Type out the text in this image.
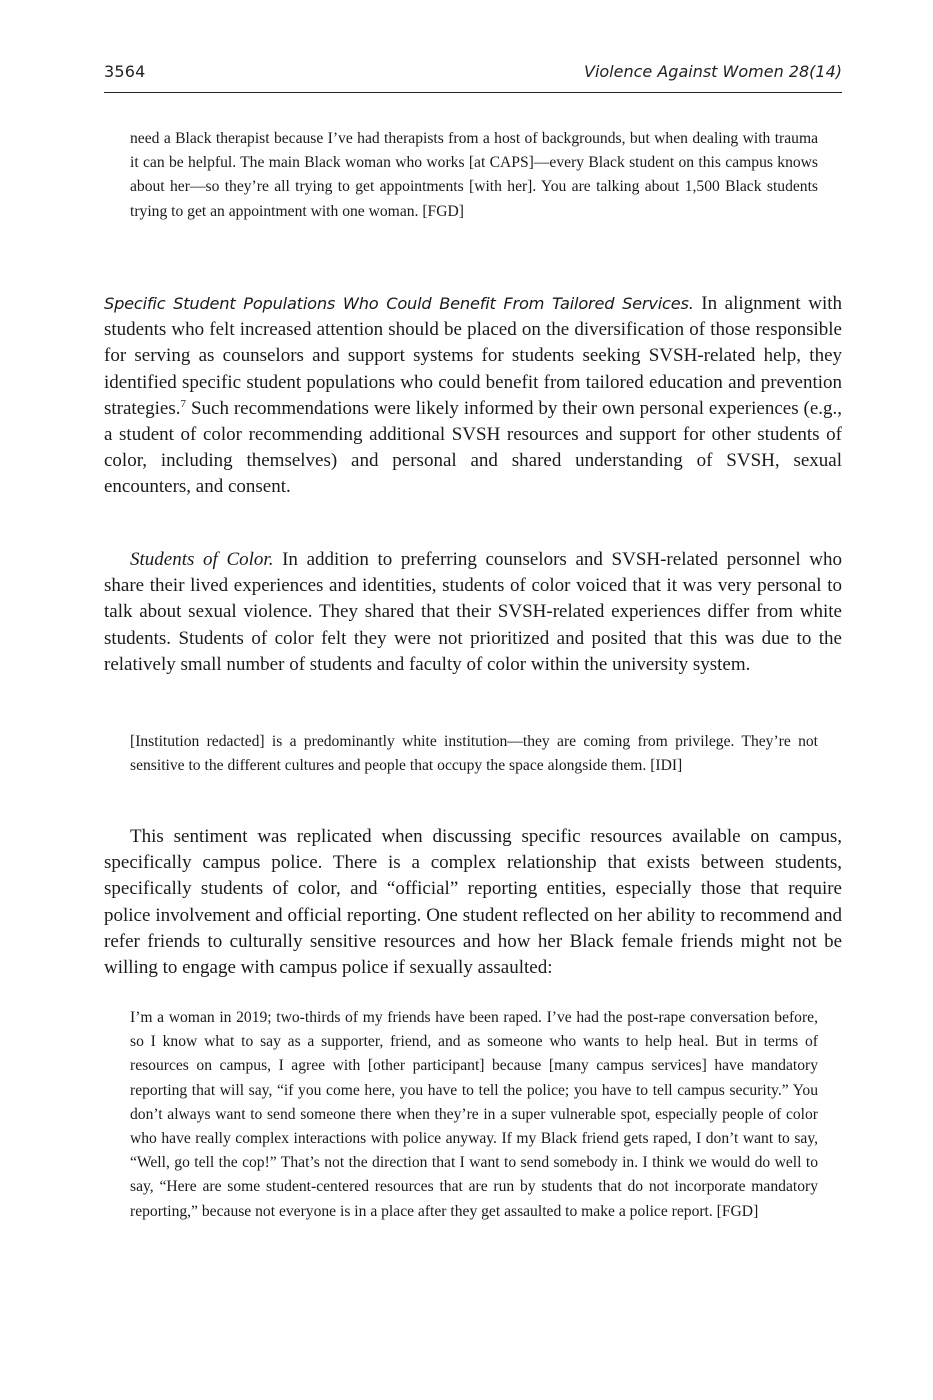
3564	Violence Against Women 28(14)
need a Black therapist because I’ve had therapists from a host of backgrounds, but when dealing with trauma it can be helpful. The main Black woman who works [at CAPS]—every Black student on this campus knows about her—so they’re all trying to get appointments [with her]. You are talking about 1,500 Black students trying to get an appointment with one woman. [FGD]
Specific Student Populations Who Could Benefit From Tailored Services. In alignment with students who felt increased attention should be placed on the diversification of those responsible for serving as counselors and support systems for students seeking SVSH-related help, they identified specific student populations who could benefit from tailored education and prevention strategies.$^7$ Such recommendations were likely informed by their own personal experiences (e.g., a student of color recommending additional SVSH resources and support for other students of color, including themselves) and personal and shared understanding of SVSH, sexual encounters, and consent.
Students of Color. In addition to preferring counselors and SVSH-related personnel who share their lived experiences and identities, students of color voiced that it was very personal to talk about sexual violence. They shared that their SVSH-related experiences differ from white students. Students of color felt they were not prioritized and posited that this was due to the relatively small number of students and faculty of color within the university system.
[Institution redacted] is a predominantly white institution—they are coming from privilege. They’re not sensitive to the different cultures and people that occupy the space alongside them. [IDI]
This sentiment was replicated when discussing specific resources available on campus, specifically campus police. There is a complex relationship that exists between students, specifically students of color, and “official” reporting entities, especially those that require police involvement and official reporting. One student reflected on her ability to recommend and refer friends to culturally sensitive resources and how her Black female friends might not be willing to engage with campus police if sexually assaulted:
I’m a woman in 2019; two-thirds of my friends have been raped. I’ve had the post-rape conversation before, so I know what to say as a supporter, friend, and as someone who wants to help heal. But in terms of resources on campus, I agree with [other participant] because [many campus services] have mandatory reporting that will say, “if you come here, you have to tell the police; you have to tell campus security.” You don’t always want to send someone there when they’re in a super vulnerable spot, especially people of color who have really complex interactions with police anyway. If my Black friend gets raped, I don’t want to say, “Well, go tell the cop!” That’s not the direction that I want to send somebody in. I think we would do well to say, “Here are some student-centered resources that are run by students that do not incorporate mandatory reporting,” because not everyone is in a place after they get assaulted to make a police report. [FGD]
